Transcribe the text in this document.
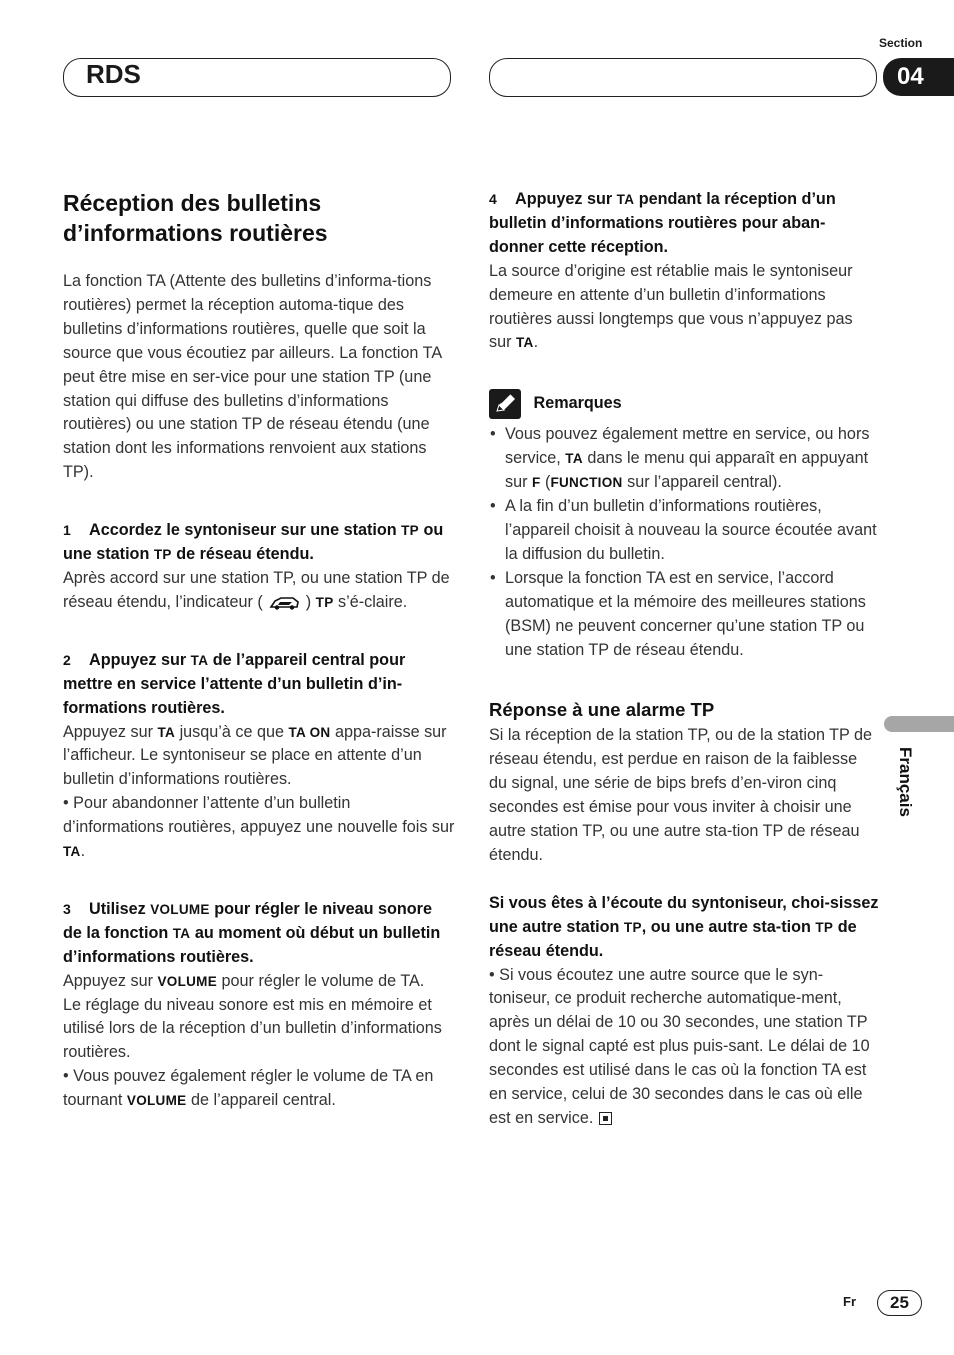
RDS
Section
04
Réception des bulletins
d’informations routières

La fonction TA (Attente des bulletins d’informa-tions routières) permet la réception automa-tique des bulletins d’informations routières, quelle que soit la source que vous écoutiez par ailleurs. La fonction TA peut être mise en ser-vice pour une station TP (une station qui diffuse des bulletins d’informations routières) ou une station TP de réseau étendu (une station dont les informations renvoient aux stations TP).

1 Accordez le syntoniseur sur une station TP ou une station TP de réseau étendu.

Après accord sur une station TP, ou une station TP de réseau étendu, l’indicateur (	) TP s’é-claire.

2 Appuyez sur TA de l’appareil central pour mettre en service l’attente d’un bulletin d’in-formations routières.

Appuyez sur TA jusqu’à ce que TA ON appa-raisse sur l’afficheur. Le syntoniseur se place en attente d’un bulletin d’informations routières.

• Pour abandonner l’attente d’un bulletin d’informations routières, appuyez une nouvelle fois sur TA.

3 Utilisez VOLUME pour régler le niveau sonore de la fonction TA au moment où début un bulletin d’informations routières.

Appuyez sur VOLUME pour régler le volume de TA.

Le réglage du niveau sonore est mis en mémoire et utilisé lors de la réception d’un bulletin d’informations routières.

• Vous pouvez également régler le volume de TA en tournant VOLUME de l’appareil central.

4 Appuyez sur TA pendant la réception d’un bulletin d’informations routières pour aban-donner cette réception.

La source d’origine est rétablie mais le syntoniseur demeure en attente d’un bulletin d’informations routières aussi longtemps que vous n’appuyez pas sur TA.

Remarques
• Vous pouvez également mettre en service, ou hors service, TA dans le menu qui apparaît en appuyant sur F (FUNCTION sur l’appareil central).
• A la fin d’un bulletin d’informations routières, l’appareil choisit à nouveau la source écoutée avant la diffusion du bulletin.
• Lorsque la fonction TA est en service, l’accord automatique et la mémoire des meilleures stations (BSM) ne peuvent concerner qu’une station TP ou une station TP de réseau étendu.
Réponse à une alarme TP

Si la réception de la station TP, ou de la station TP de réseau étendu, est perdue en raison de la faiblesse du signal, une série de bips brefs d’en-viron cinq secondes est émise pour vous inviter à choisir une autre station TP, ou une autre sta-tion TP de réseau étendu.

Si vous êtes à l’écoute du syntoniseur, choi-sissez une autre station TP, ou une autre sta-tion TP de réseau étendu.

• Si vous écoutez une autre source que le syn-toniseur, ce produit recherche automatique-ment, après un délai de 10 ou 30 secondes, une station TP dont le signal capté est plus puis-sant. Le délai de 10 secondes est utilisé dans le cas où la fonction TA est en service, celui de 30 secondes dans le cas où elle est en service.

Français
Fr	25
